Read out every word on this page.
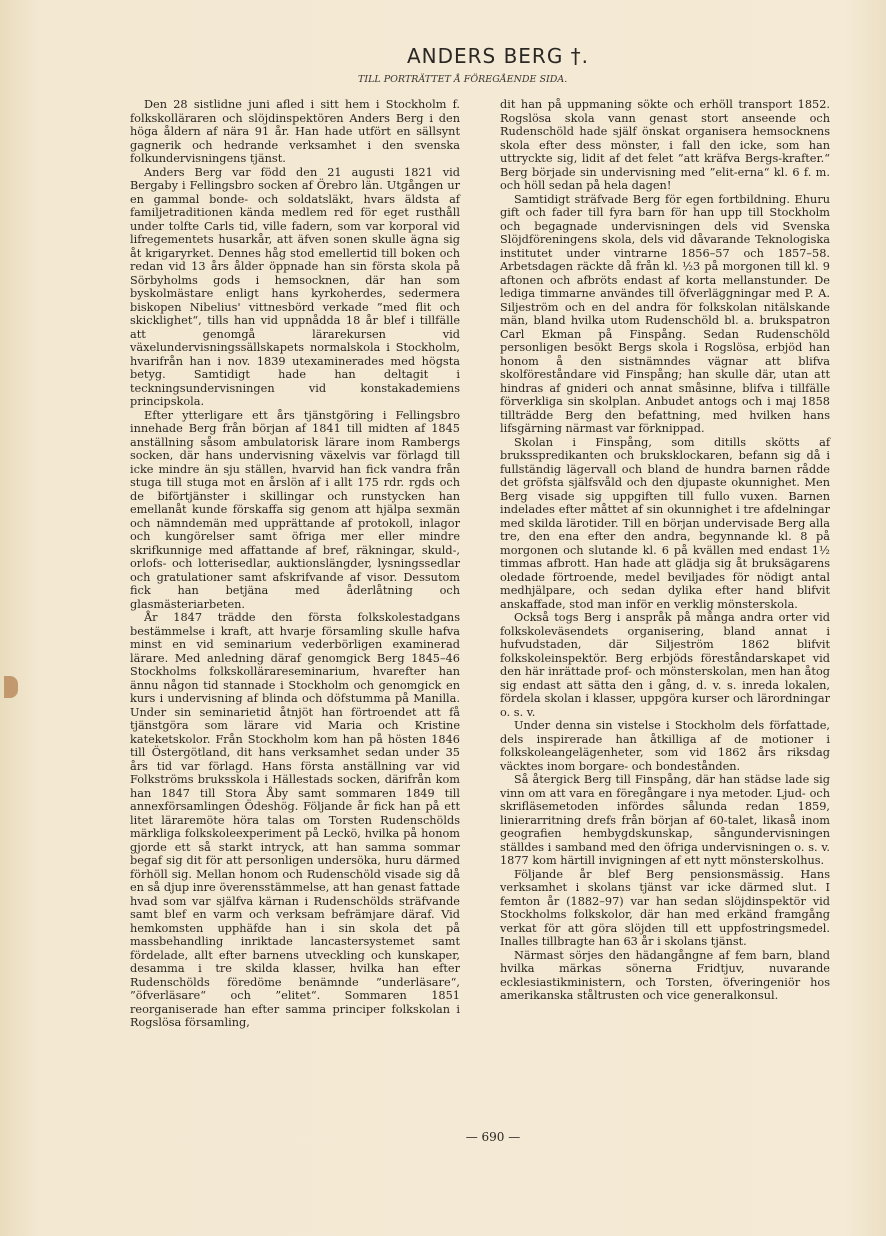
ANDERS BERG †.
TILL PORTRÄTTET Å FÖREGÅENDE SIDA.

Den 28 sistlidne juni afled i sitt hem i Stockholm f. folkskolläraren och slöjdinspektören Anders Berg i den höga åldern af nära 91 år. Han hade utfört en sällsynt gagnerik och hedrande verksamhet i den svenska folkundervisningens tjänst.

Anders Berg var född den 21 augusti 1821 vid Bergaby i Fellingsbro socken af Örebro län. Utgången ur en gammal bonde- och soldatsläkt, hvars äldsta af familjetraditionen kända medlem red för eget rusthåll under tolfte Carls tid, ville fadern, som var korporal vid lifregementets husarkår, att äfven sonen skulle ägna sig åt krigaryrket. Dennes håg stod emellertid till boken och redan vid 13 års ålder öppnade han sin första skola på Sörbyholms gods i hemsocknen, där han som byskolmästare enligt hans kyrkoherdes, sedermera biskopen Nibelius' vittnesbörd verkade ”med flit och skicklighet“, tills han vid uppnådda 18 år blef i tillfälle att genomgå lärarekursen vid växelundervisningssällskapets normalskola i Stockholm, hvarifrån han i nov. 1839 utexaminerades med högsta betyg. Samtidigt hade han deltagit i teckningsundervisningen vid konstakademiens principskola.

Efter ytterligare ett års tjänstgöring i Fellingsbro innehade Berg från början af 1841 till midten af 1845 anställning såsom ambulatorisk lärare inom Rambergs socken, där hans undervisning växelvis var förlagd till icke mindre än sju ställen, hvarvid han fick vandra från stuga till stuga mot en årslön af i allt 175 rdr. rgds och de biförtjänster i skillingar och runstycken han emellanåt kunde förskaffa sig genom att hjälpa sexmän och nämndemän med upprättande af protokoll, inlagor och kungörelser samt öfriga mer eller mindre skrifkunnige med affattande af bref, räkningar, skuld-, orlofs- och lotterisedlar, auktionslängder, lysningssedlar och gratulationer samt afskrifvande af visor. Dessutom fick han betjäna med åderlåtning och glasmästeriarbeten.

År 1847 trädde den första folkskolestadgans bestämmelse i kraft, att hvarje församling skulle hafva minst en vid seminarium vederbörligen examinerad lärare. Med anledning däraf genomgick Berg 1845–46 Stockholms folkskollärareseminarium, hvarefter han ännu någon tid stannade i Stockholm och genomgick en kurs i undervisning af blinda och döfstumma på Manilla. Under sin seminarietid åtnjöt han förtroendet att få tjänstgöra som lärare vid Maria och Kristine kateketskolor. Från Stockholm kom han på hösten 1846 till Östergötland, dit hans verksamhet sedan under 35 års tid var förlagd. Hans första anställning var vid Folkströms bruksskola i Hällestads socken, därifrån kom han 1847 till Stora Åby samt sommaren 1849 till annexförsamlingen Ödeshög. Följande år fick han på ett litet läraremöte höra talas om Torsten Rudenschölds märkliga folkskoleexperiment på Leckö, hvilka på honom gjorde ett så starkt intryck, att han samma sommar begaf sig dit för att personligen undersöka, huru därmed förhöll sig. Mellan honom och Rudenschöld visade sig då en så djup inre överensstämmelse, att han genast fattade hvad som var själfva kärnan i Rudenschölds sträfvande samt blef en varm och verksam befrämjare däraf. Vid hemkomsten upphäfde han i sin skola det på massbehandling inriktade lancastersystemet samt fördelade, allt efter barnens utveckling och kunskaper, desamma i tre skilda klasser, hvilka han efter Rudenschölds föredöme benämnde ”underläsare“, ”öfverläsare“ och ”elitet“. Sommaren 1851 reorganiserade han efter samma principer folkskolan i Rogslösa församling,

dit han på uppmaning sökte och erhöll transport 1852. Rogslösa skola vann genast stort anseende och Rudenschöld hade själf önskat organisera hemsocknens skola efter dess mönster, i fall den icke, som han uttryckte sig, lidit af det felet ”att kräfva Bergs-krafter.“ Berg började sin undervisning med ”elit-erna“ kl. 6 f. m. och höll sedan på hela dagen!

Samtidigt sträfvade Berg för egen fortbildning. Ehuru gift och fader till fyra barn för han upp till Stockholm och begagnade undervisningen dels vid Svenska Slöjdföreningens skola, dels vid dåvarande Teknologiska institutet under vintrarne 1856–57 och 1857–58. Arbetsdagen räckte då från kl. ½3 på morgonen till kl. 9 aftonen och afbröts endast af korta mellanstunder. De lediga timmarne användes till öfverläggningar med P. A. Siljeström och en del andra för folkskolan nitälskande män, bland hvilka utom Rudenschöld bl. a. brukspatron Carl Ekman på Finspång. Sedan Rudenschöld personligen besökt Bergs skola i Rogslösa, erbjöd han honom å den sistnämndes vägnar att blifva skolföreståndare vid Finspång; han skulle där, utan att hindras af gnideri och annat småsinne, blifva i tillfälle förverkliga sin skolplan. Anbudet antogs och i maj 1858 tillträdde Berg den befattning, med hvilken hans lifsgärning närmast var förknippad.

Skolan i Finspång, som ditills skötts af bruksspredikanten och bruksklockaren, befann sig då i fullständig lägervall och bland de hundra barnen rådde det gröfsta själfsvåld och den djupaste okunnighet. Men Berg visade sig uppgiften till fullo vuxen. Barnen indelades efter måttet af sin okunnighet i tre afdelningar med skilda lärotider. Till en början undervisade Berg alla tre, den ena efter den andra, begynnande kl. 8 på morgonen och slutande kl. 6 på kvällen med endast 1½ timmas afbrott. Han hade att glädja sig åt bruksägarens oledade förtroende, medel beviljades för nödigt antal medhjälpare, och sedan dylika efter hand blifvit anskaffade, stod man inför en verklig mönsterskola.

Också togs Berg i anspråk på många andra orter vid folkskoleväsendets organisering, bland annat i hufvudstaden, där Siljeström 1862 blifvit folkskoleinspektör. Berg erbjöds föreståndarskapet vid den här inrättade prof- och mönsterskolan, men han åtog sig endast att sätta den i gång, d. v. s. inreda lokalen, fördela skolan i klasser, uppgöra kurser och lärordningar o. s. v.

Under denna sin vistelse i Stockholm dels författade, dels inspirerade han åtkilliga af de motioner i folkskoleangelägenheter, som vid 1862 års riksdag väcktes inom borgare- och bondestånden.

Så återgick Berg till Finspång, där han städse lade sig vinn om att vara en föregångare i nya metoder. Ljud- och skrifläsemetoden infördes sålunda redan 1859, linierarritning drefs från början af 60-talet, likaså inom geografien hembygdskunskap, sångundervisningen ställdes i samband med den öfriga undervisningen o. s. v. 1877 kom härtill invigningen af ett nytt mönsterskolhus.

Följande år blef Berg pensionsmässig. Hans verksamhet i skolans tjänst var icke därmed slut. I femton år (1882–97) var han sedan slöjdinspektör vid Stockholms folkskolor, där han med erkänd framgång verkat för att göra slöjden till ett uppfostringsmedel. Inalles tillbragte han 63 år i skolans tjänst.

Närmast sörjes den hädangångne af fem barn, bland hvilka märkas sönerna Fridtjuv, nuvarande ecklesiastikministern, och Torsten, öfveringeniör hos amerikanska ståltrusten och vice generalkonsul.

— 690 —
